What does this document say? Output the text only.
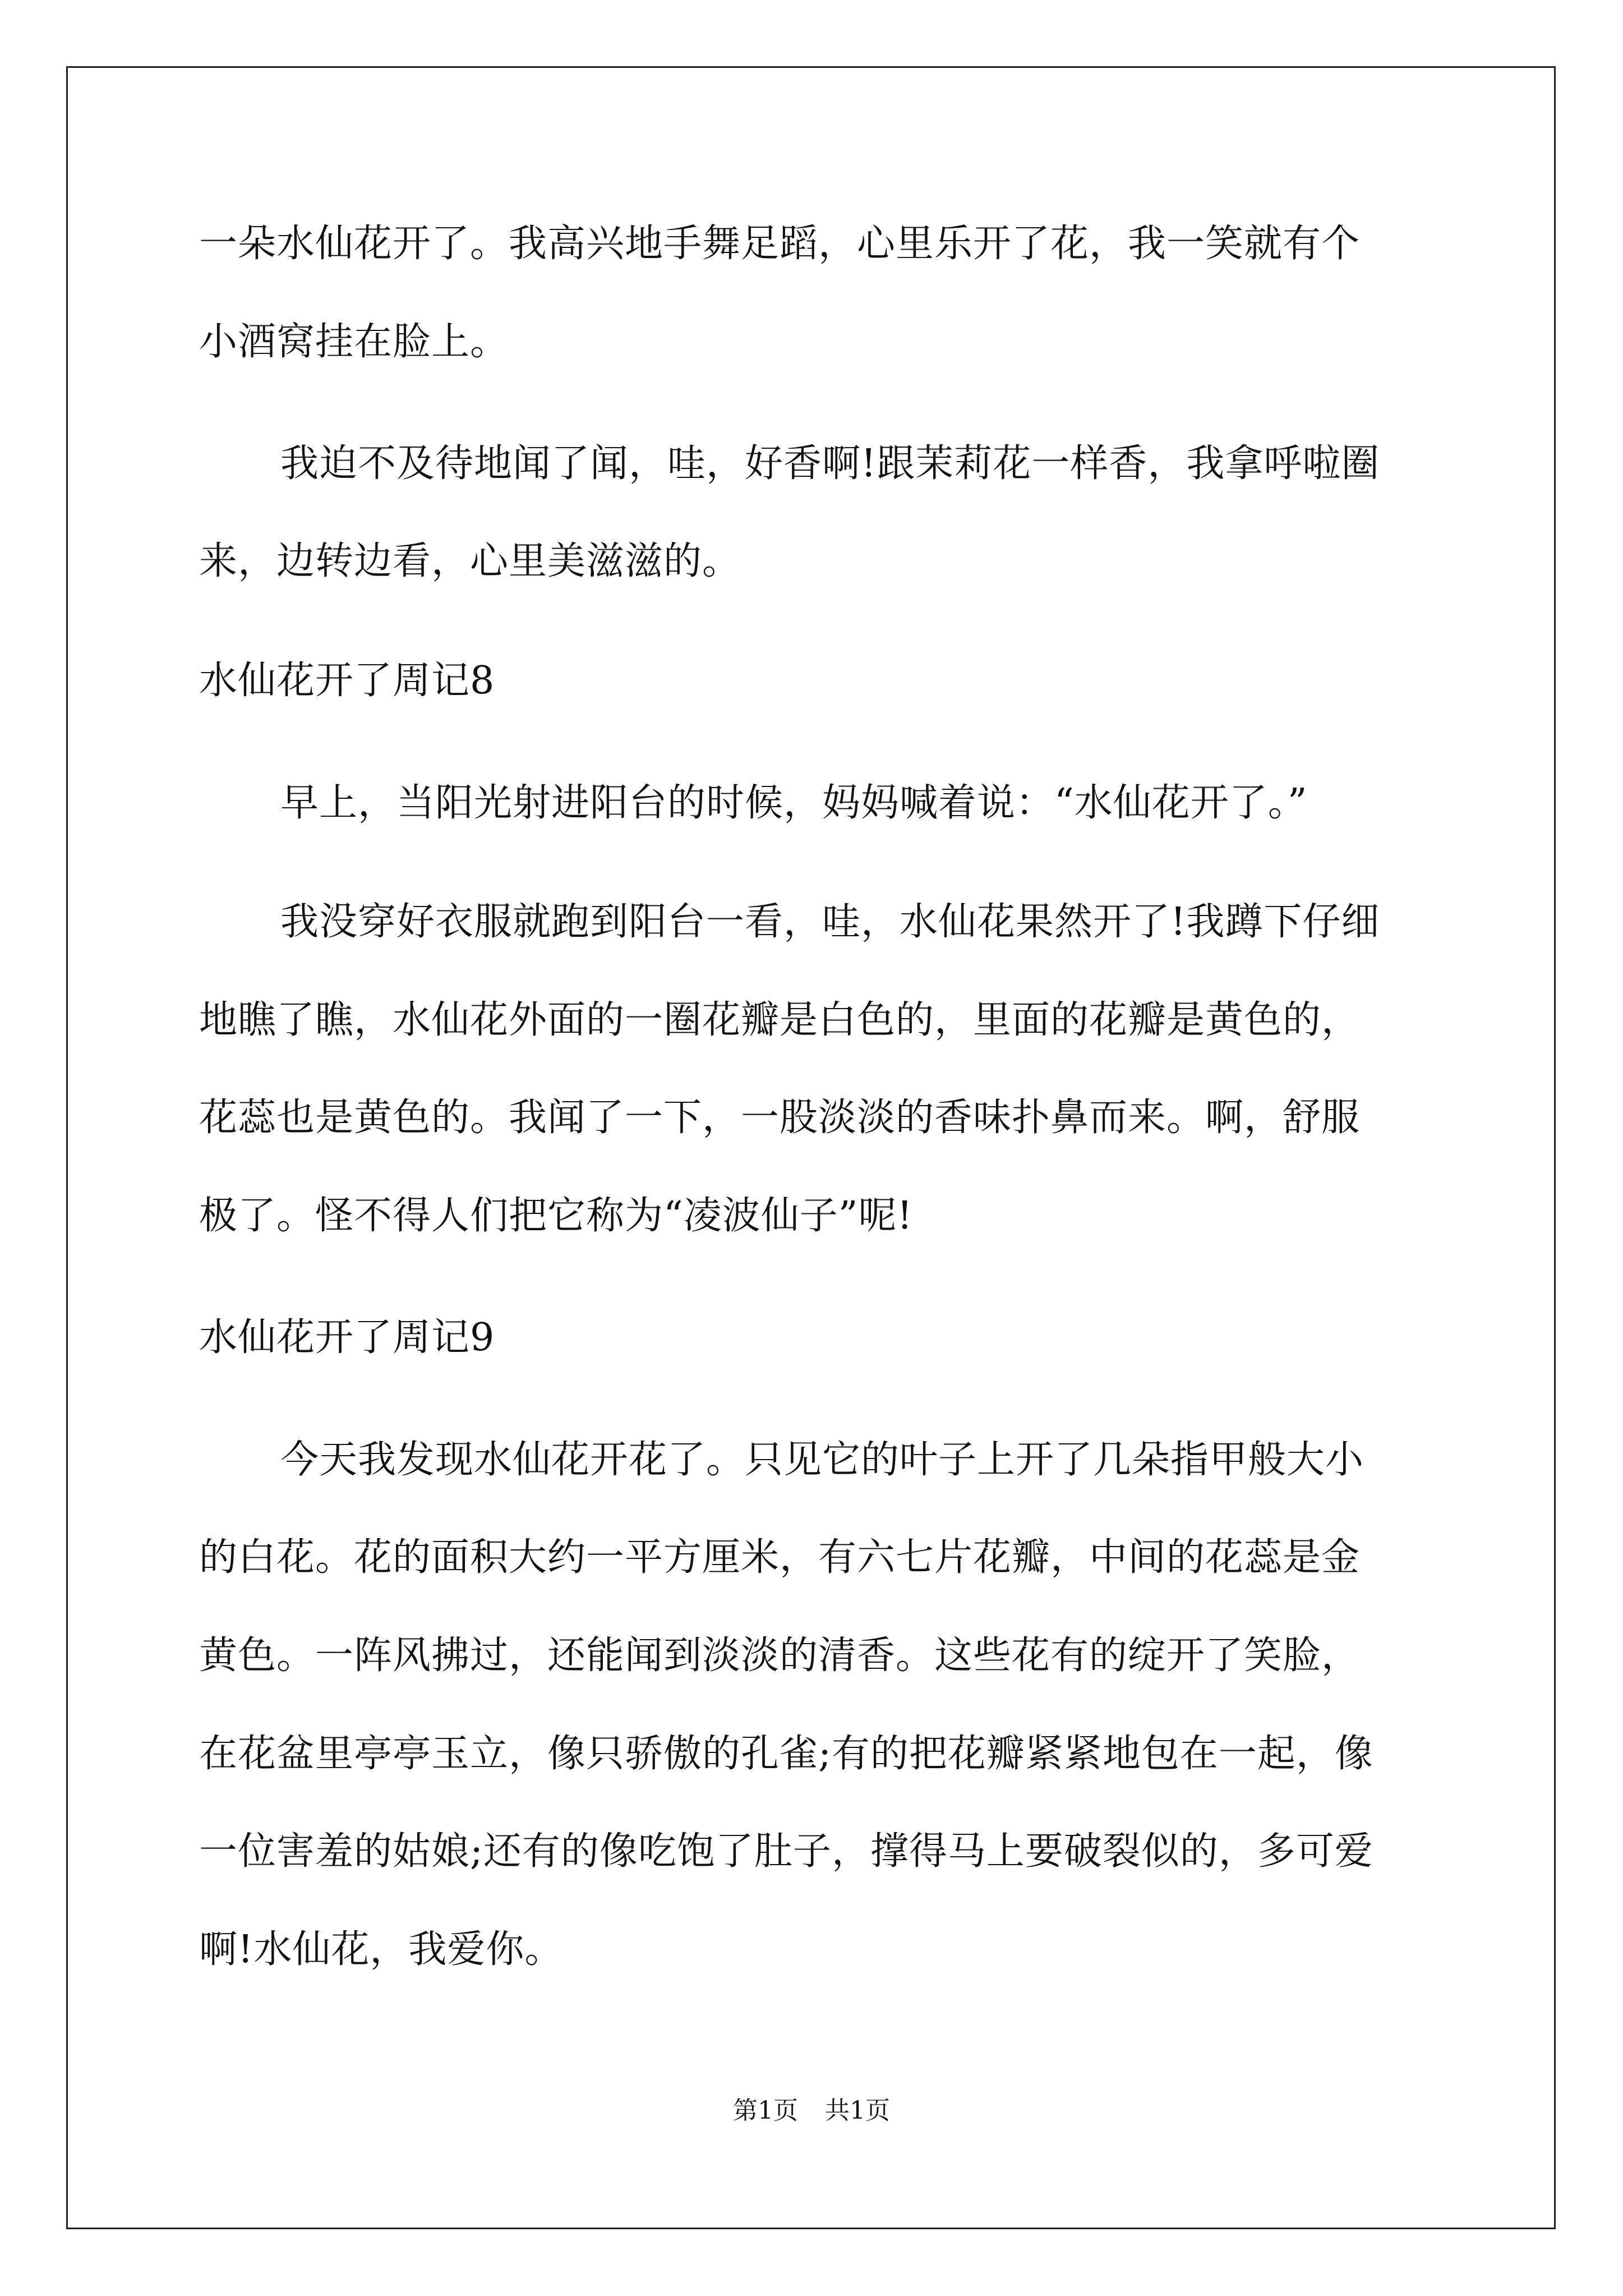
一朵水仙花开了。我高兴地手舞足蹈，心里乐开了花，我一笑就有个
小酒窝挂在脸上。
我迫不及待地闻了闻，哇，好香啊!跟茉莉花一样香，我拿呼啦圈
来，边转边看，心里美滋滋的。
水仙花开了周记8
早上，当阳光射进阳台的时候，妈妈喊着说：“水仙花开了。”
我没穿好衣服就跑到阳台一看，哇，水仙花果然开了!我蹲下仔细
地瞧了瞧，水仙花外面的一圈花瓣是白色的，里面的花瓣是黄色的，
花蕊也是黄色的。我闻了一下，一股淡淡的香味扑鼻而来。啊，舒服
极了。怪不得人们把它称为“凌波仙子”呢!
水仙花开了周记9
今天我发现水仙花开花了。只见它的叶子上开了几朵指甲般大小
的白花。花的面积大约一平方厘米，有六七片花瓣，中间的花蕊是金
黄色。一阵风拂过，还能闻到淡淡的清香。这些花有的绽开了笑脸，
在花盆里亭亭玉立，像只骄傲的孔雀;有的把花瓣紧紧地包在一起，像
一位害羞的姑娘;还有的像吃饱了肚子，撑得马上要破裂似的，多可爱
啊!水仙花，我爱你。
第1页 共1页
